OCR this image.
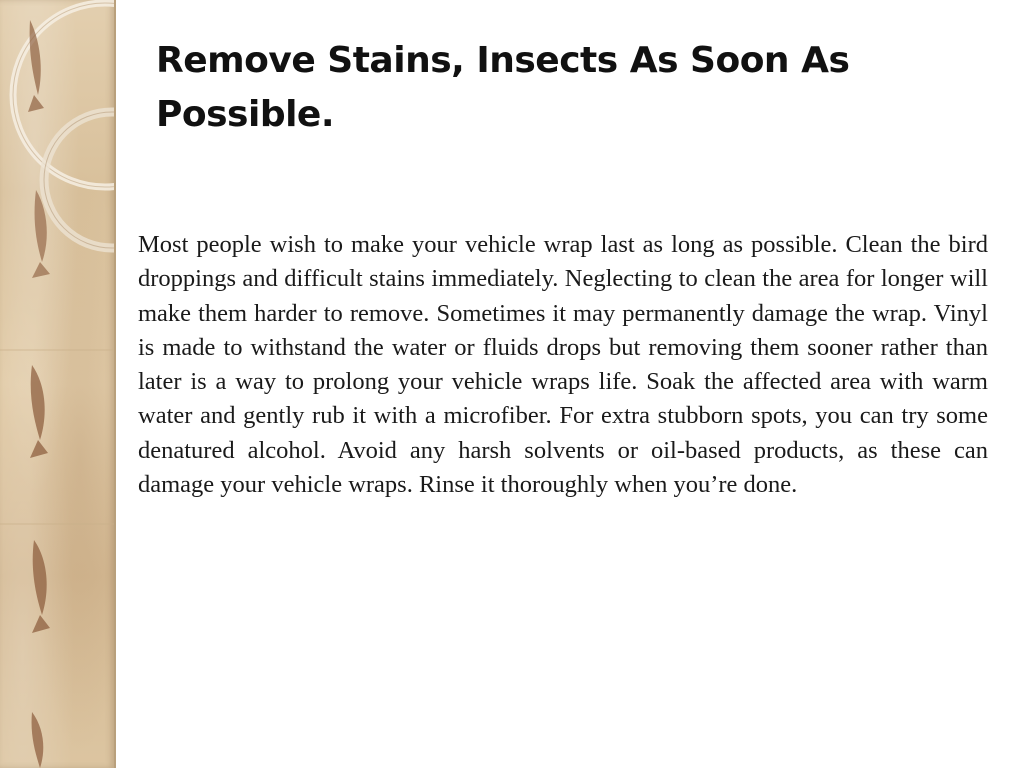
Remove Stains, Insects As Soon As Possible.

Most people wish to make your vehicle wrap last as long as possible. Clean the bird droppings and difficult stains immediately. Neglecting to clean the area for longer will make them harder to remove. Sometimes it may permanently damage the wrap. Vinyl is made to withstand the water or fluids drops but removing them sooner rather than later is a way to prolong your vehicle wraps life. Soak the affected area with warm water and gently rub it with a microfiber. For extra stubborn spots, you can try some denatured alcohol. Avoid any harsh solvents or oil-based products, as these can damage your vehicle wraps. Rinse it thoroughly when you’re done.
